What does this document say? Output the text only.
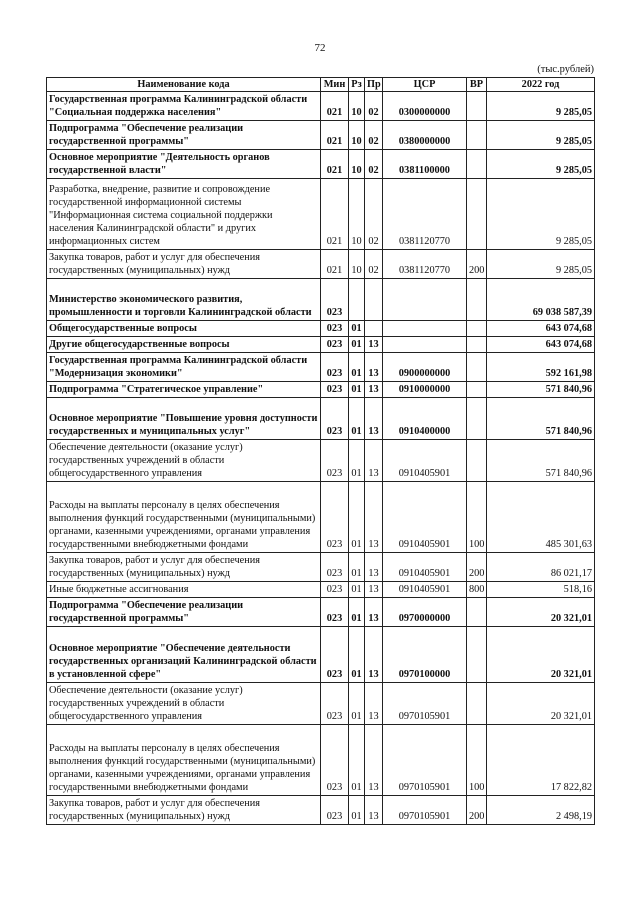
72
(тыс.рублей)
Наименование кода	Мин	Рз	Пр	ЦСР	ВР	2022 год
Государственная программа Калининградской области "Социальная поддержка населения"	021	10	02	0300000000		9 285,05
Подпрограмма "Обеспечение реализации государственной программы"	021	10	02	0380000000		9 285,05
Основное мероприятие "Деятельность органов государственной власти"	021	10	02	0381100000		9 285,05
Разработка, внедрение, развитие и сопровождение государственной информационной системы "Информационная система социальной поддержки населения Калининградской области" и других информационных систем	021	10	02	0381120770		9 285,05
Закупка товаров, работ и услуг для обеспечения государственных (муниципальных) нужд	021	10	02	0381120770	200	9 285,05
Министерство экономического развития, промышленности и торговли Калининградской области	023					69 038 587,39
Общегосударственные вопросы	023	01				643 074,68
Другие общегосударственные вопросы	023	01	13			643 074,68
Государственная программа Калининградской области "Модернизация экономики"	023	01	13	0900000000		592 161,98
Подпрограмма "Стратегическое управление"	023	01	13	0910000000		571 840,96
Основное мероприятие "Повышение уровня доступности государственных и муниципальных услуг"	023	01	13	0910400000		571 840,96
Обеспечение деятельности (оказание услуг) государственных учреждений в области общегосударственного управления	023	01	13	0910405901		571 840,96
Расходы на выплаты персоналу в целях обеспечения выполнения функций государственными (муниципальными) органами, казенными учреждениями, органами управления государственными внебюджетными фондами	023	01	13	0910405901	100	485 301,63
Закупка товаров, работ и услуг для обеспечения государственных (муниципальных) нужд	023	01	13	0910405901	200	86 021,17
Иные бюджетные ассигнования	023	01	13	0910405901	800	518,16
Подпрограмма "Обеспечение реализации государственной программы"	023	01	13	0970000000		20 321,01
Основное мероприятие "Обеспечение деятельности государственных организаций Калининградской области в установленной сфере"	023	01	13	0970100000		20 321,01
Обеспечение деятельности (оказание услуг) государственных учреждений в области общегосударственного управления	023	01	13	0970105901		20 321,01
Расходы на выплаты персоналу в целях обеспечения выполнения функций государственными (муниципальными) органами, казенными учреждениями, органами управления государственными внебюджетными фондами	023	01	13	0970105901	100	17 822,82
Закупка товаров, работ и услуг для обеспечения государственных (муниципальных) нужд	023	01	13	0970105901	200	2 498,19
